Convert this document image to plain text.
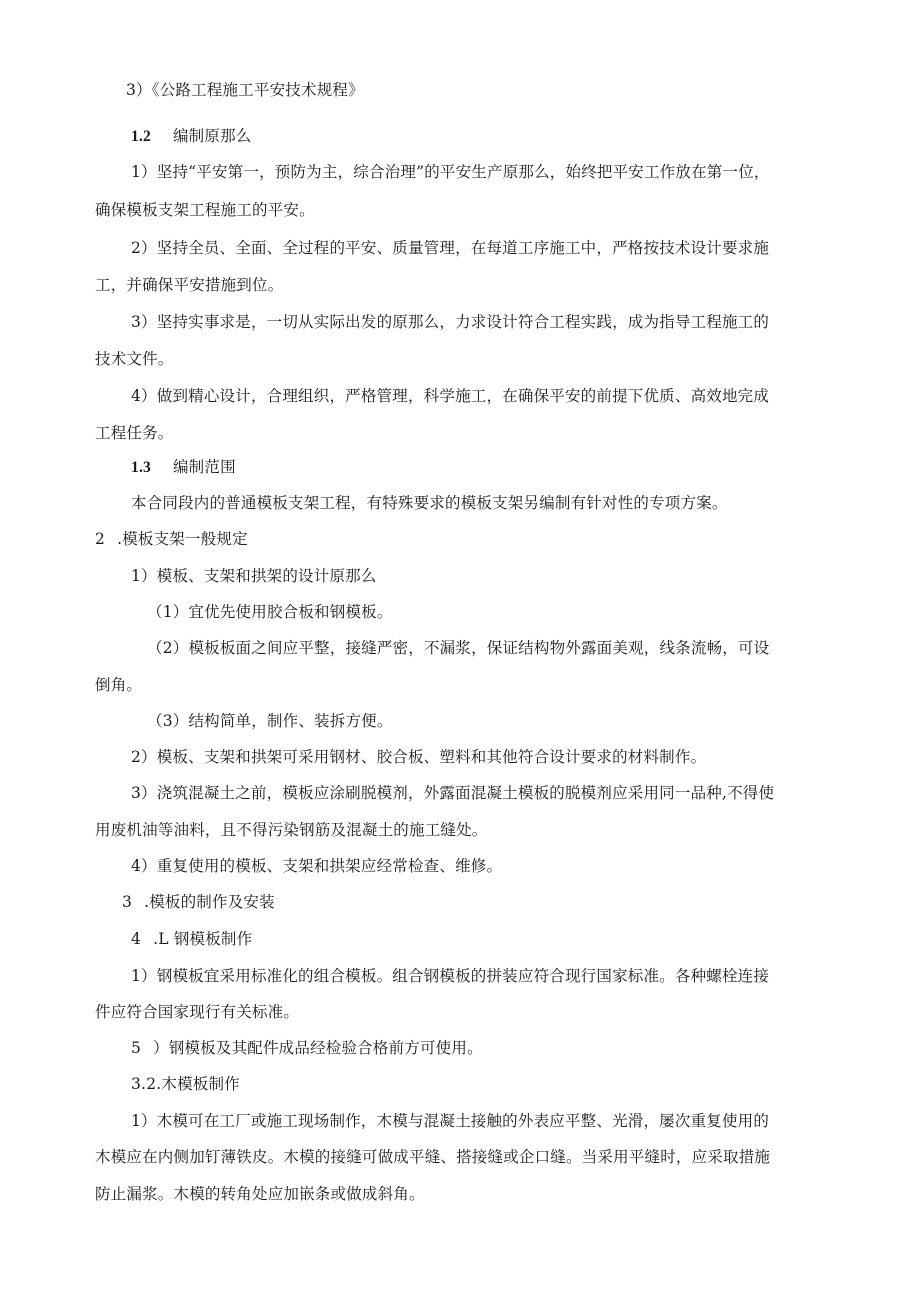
3）《公路工程施工平安技术规程》
1.2 编制原那么
1）坚持“平安第一，预防为主，综合治理”的平安生产原那么，始终把平安工作放在第一位，
确保模板支架工程施工的平安。
2）坚持全员、全面、全过程的平安、质量管理，在每道工序施工中，严格按技术设计要求施
工，并确保平安措施到位。
3）坚持实事求是，一切从实际出发的原那么，力求设计符合工程实践，成为指导工程施工的
技术文件。
4）做到精心设计，合理组织，严格管理，科学施工，在确保平安的前提下优质、高效地完成
工程任务。
1.3 编制范围
本合同段内的普通模板支架工程，有特殊要求的模板支架另编制有针对性的专项方案。
2 .模板支架一般规定
1）模板、支架和拱架的设计原那么
（1）宜优先使用胶合板和钢模板。
（2）模板板面之间应平整，接缝严密，不漏浆，保证结构物外露面美观，线条流畅，可设
倒角。
（3）结构简单，制作、装拆方便。
2）模板、支架和拱架可采用钢材、胶合板、塑料和其他符合设计要求的材料制作。
3）浇筑混凝土之前，模板应涂刷脱模剂，外露面混凝土模板的脱模剂应采用同一品种,不得使
用废机油等油料，且不得污染钢筋及混凝土的施工缝处。
4）重复使用的模板、支架和拱架应经常检查、维修。
3 .模板的制作及安装
4 .L 钢模板制作
1）钢模板宜采用标准化的组合模板。组合钢模板的拼装应符合现行国家标准。各种螺栓连接
件应符合国家现行有关标准。
5 ）钢模板及其配件成品经检验合格前方可使用。
3.2.木模板制作
1）木模可在工厂或施工现场制作，木模与混凝土接触的外表应平整、光滑，屡次重复使用的
木模应在内侧加钉薄铁皮。木模的接缝可做成平缝、搭接缝或企口缝。当采用平缝时，应采取措施
防止漏浆。木模的转角处应加嵌条或做成斜角。
